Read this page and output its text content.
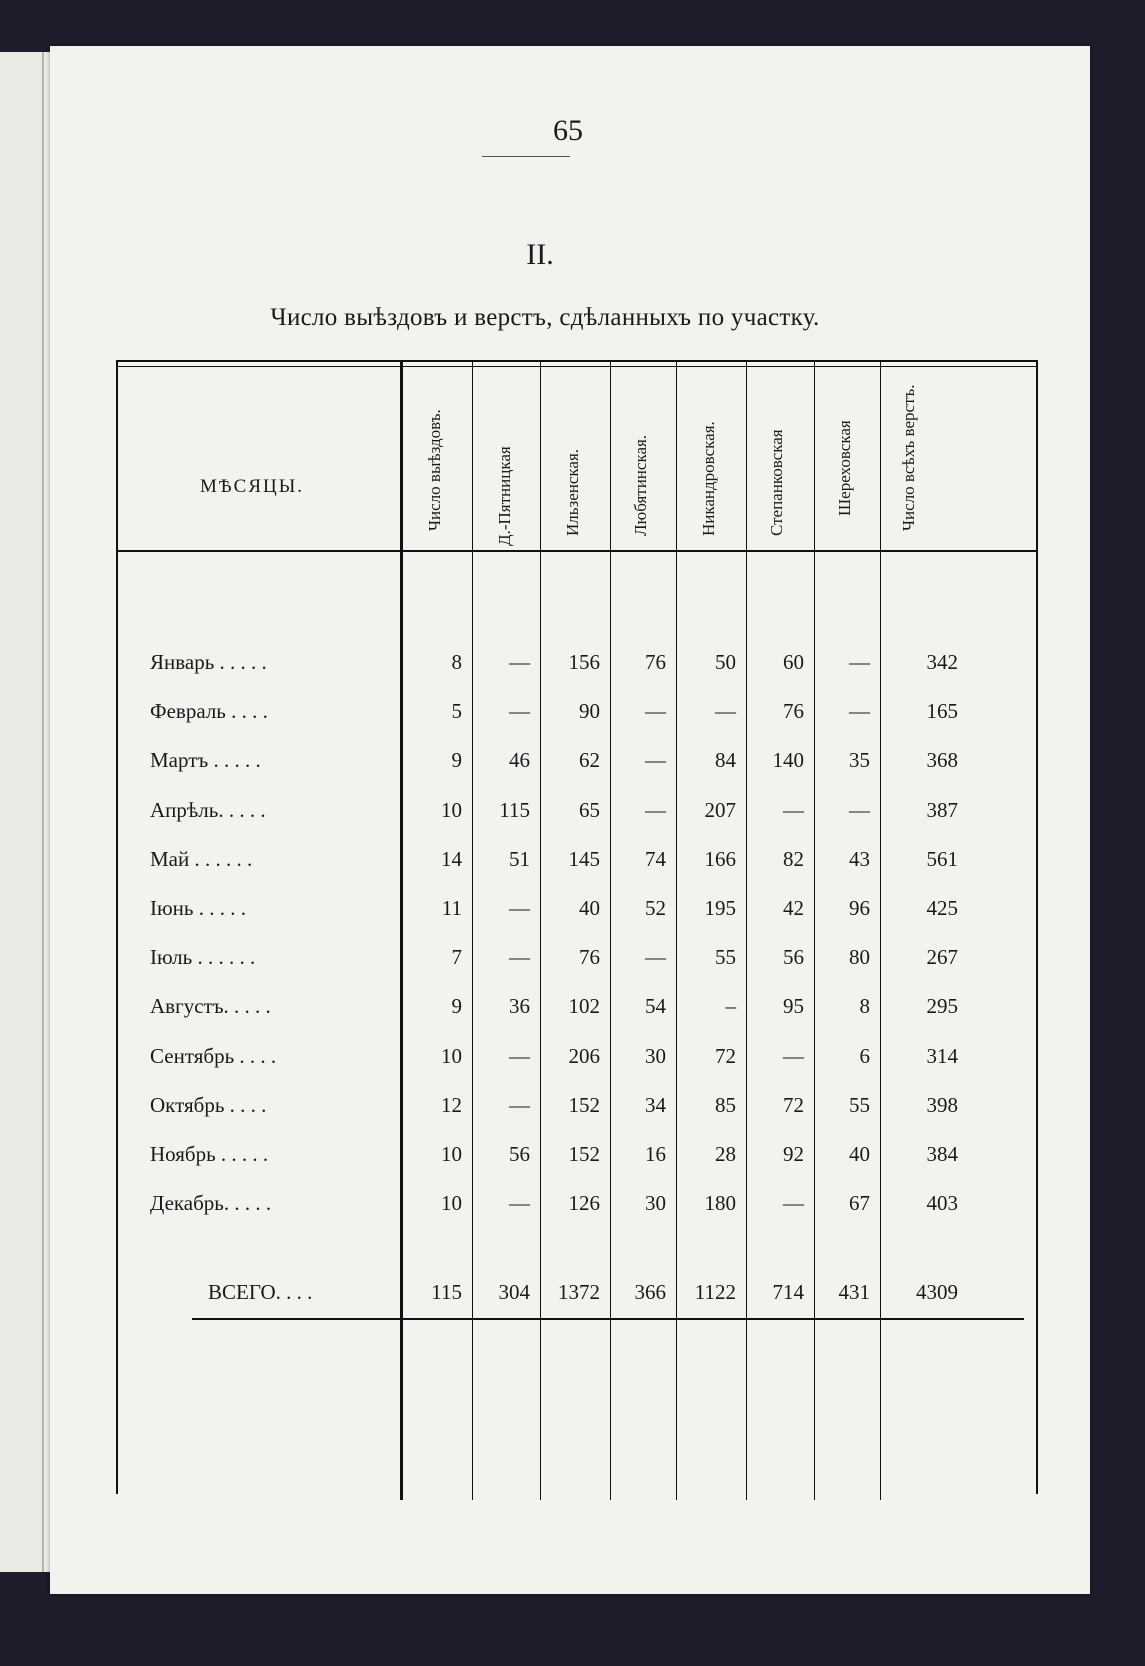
65
II.
Число выѣздовъ и верстъ, сдѣланныхъ по участку.
МѢСЯЦЫ.	Число выѣздовъ.	Д.-Пятницкая	Ильзенская.	Любятинская.	Никандровская.	Степанковская	Шереховская	Число всѣхъ верстъ.
Январь . . . . .	8	—	156	76	50	60	—	342
Февраль . . . .	5	—	90	—	—	76	—	165
Мартъ . . . . .	9	46	62	—	84	140	35	368
Апрѣль. . . . .	10	115	65	—	207	—	—	387
Май . . . . . .	14	51	145	74	166	82	43	561
Іюнь . . . . .	11	—	40	52	195	42	96	425
Іюль . . . . . .	7	—	76	—	55	56	80	267
Августъ. . . . .	9	36	102	54	–	95	8	295
Сентябрь . . . .	10	—	206	30	72	—	6	314
Октябрь . . . .	12	—	152	34	85	72	55	398
Ноябрь . . . . .	10	56	152	16	28	92	40	384
Декабрь. . . . .	10	—	126	30	180	—	67	403
ВСЕГО. . . .	115	304	1372	366	1122	714	431	4309
